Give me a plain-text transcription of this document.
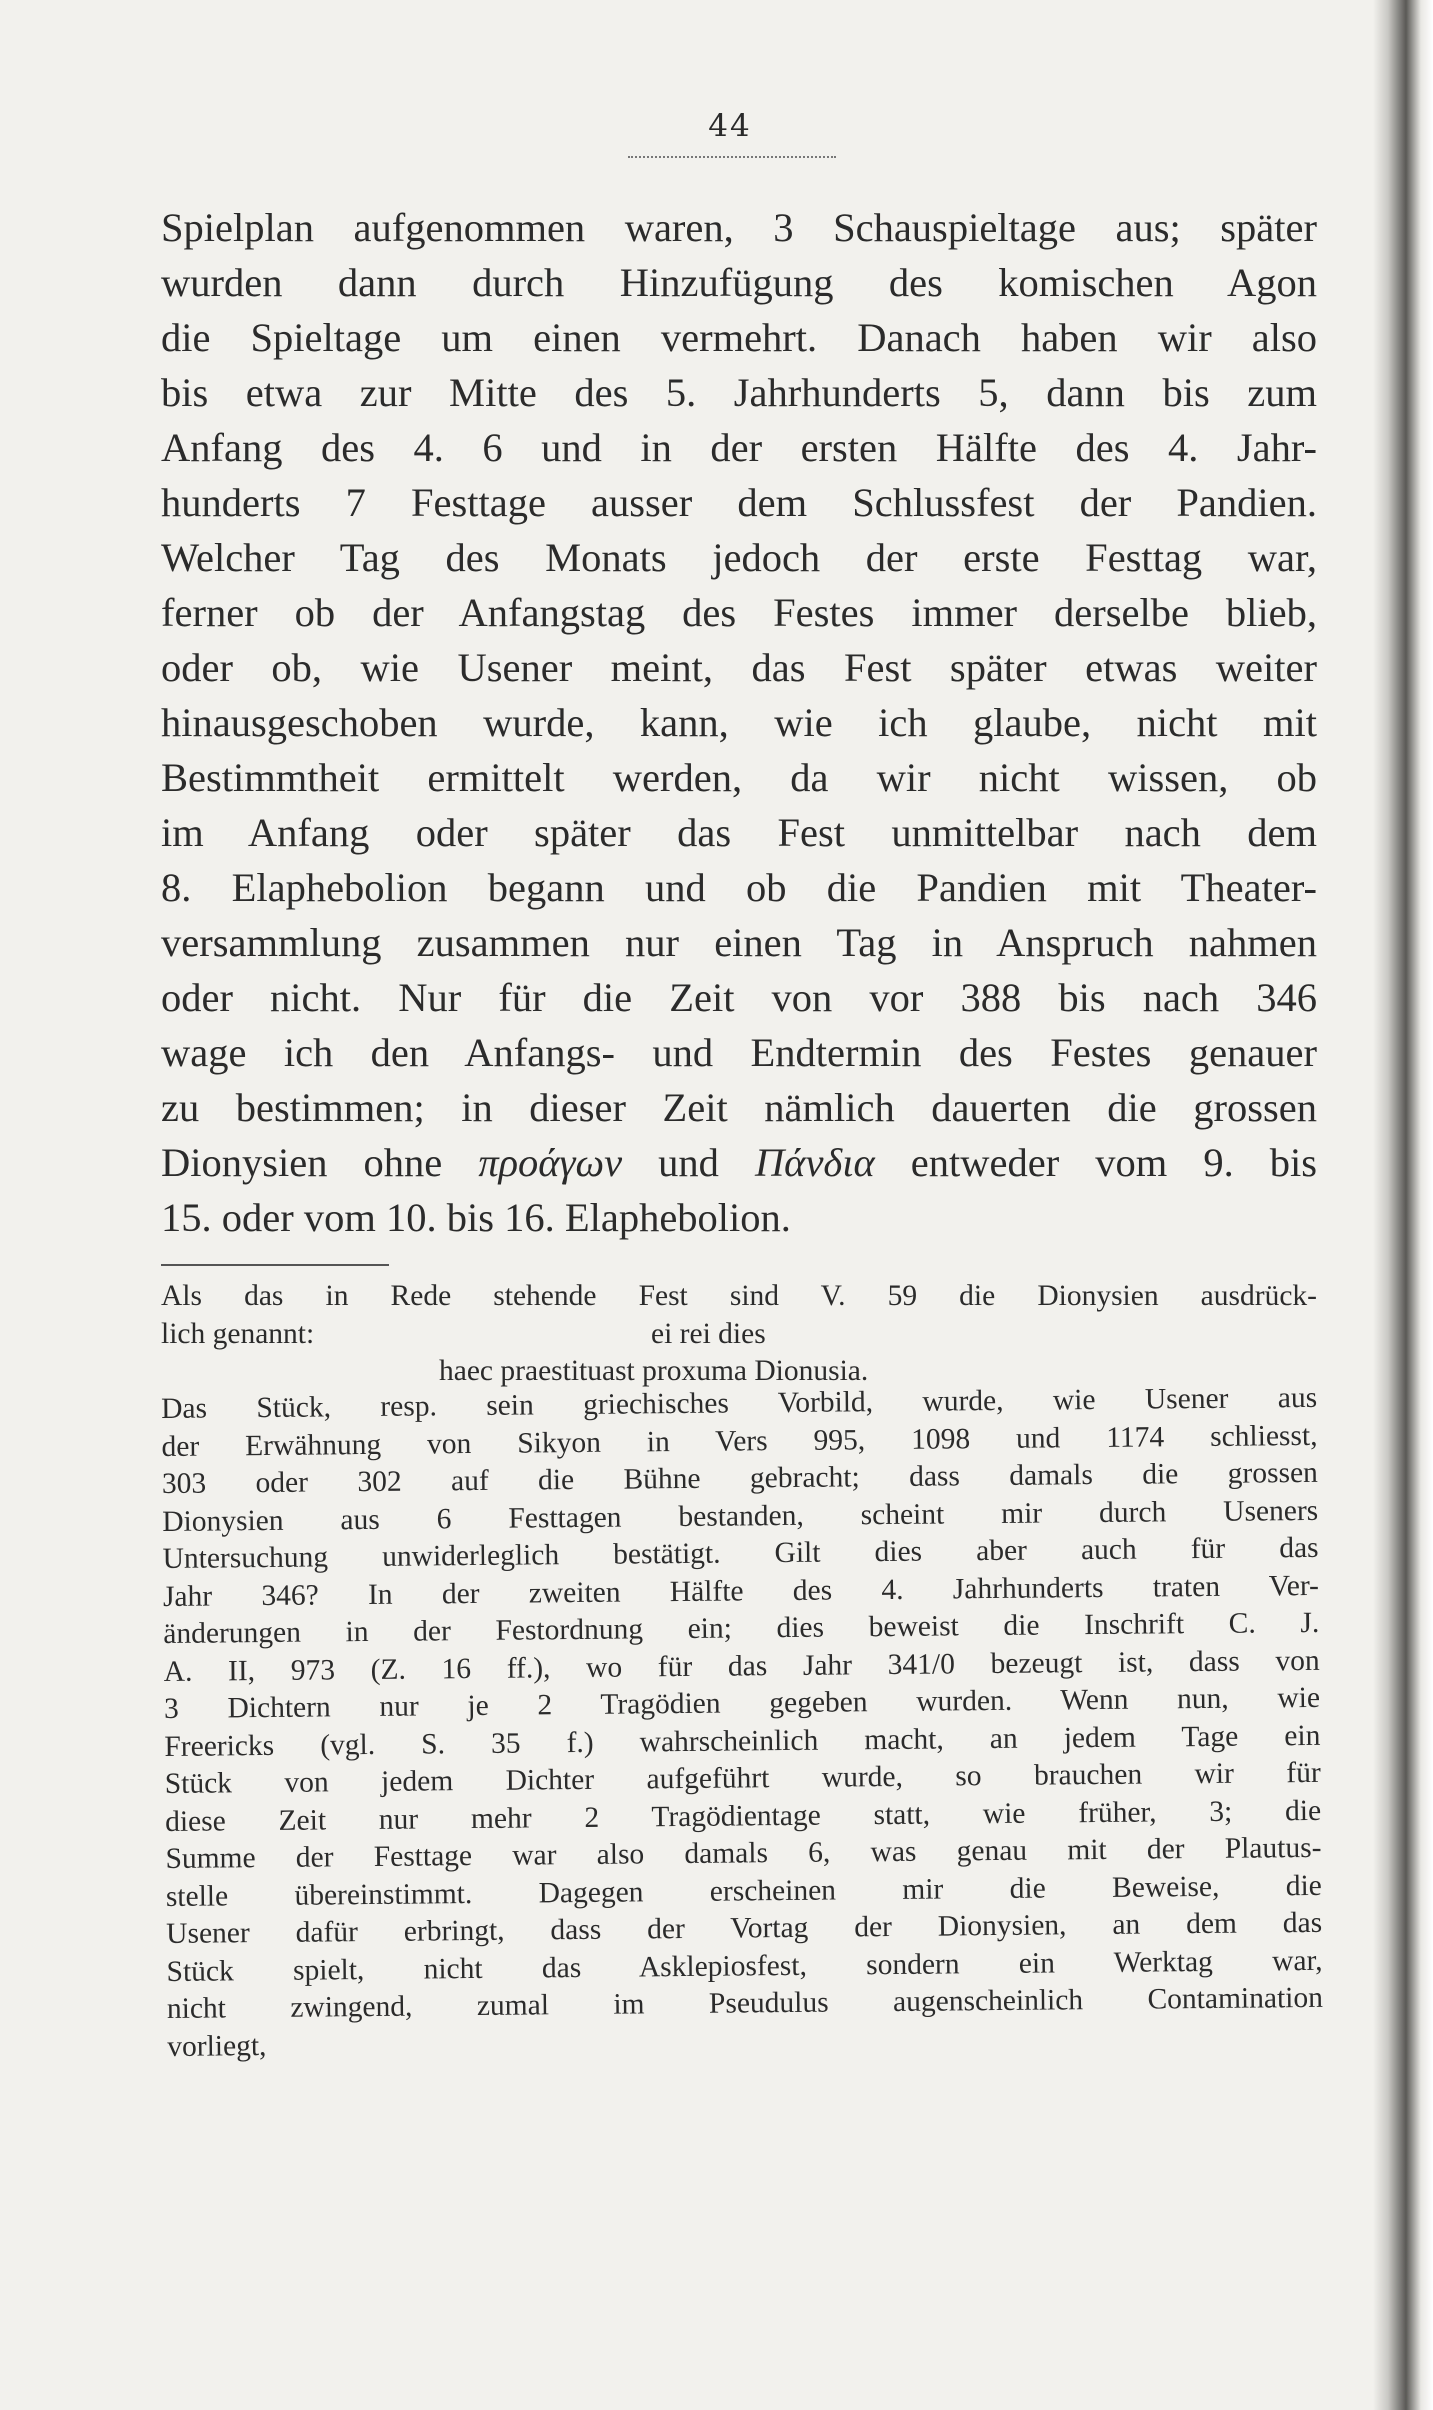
44
Spielplan aufgenommen waren, 3 Schauspieltage aus; später
wurden dann durch Hinzufügung des komischen Agon
die Spieltage um einen vermehrt. Danach haben wir also
bis etwa zur Mitte des 5. Jahrhunderts 5, dann bis zum
Anfang des 4. 6 und in der ersten Hälfte des 4. Jahr-
hunderts 7 Festtage ausser dem Schlussfest der Pandien.
Welcher Tag des Monats jedoch der erste Festtag war,
ferner ob der Anfangstag des Festes immer derselbe blieb,
oder ob, wie Usener meint, das Fest später etwas weiter
hinausgeschoben wurde, kann, wie ich glaube, nicht mit
Bestimmtheit ermittelt werden, da wir nicht wissen, ob
im Anfang oder später das Fest unmittelbar nach dem
8. Elaphebolion begann und ob die Pandien mit Theater-
versammlung zusammen nur einen Tag in Anspruch nahmen
oder nicht. Nur für die Zeit von vor 388 bis nach 346
wage ich den Anfangs- und Endtermin des Festes genauer
zu bestimmen; in dieser Zeit nämlich dauerten die grossen
Dionysien ohne προάγων und Πάνδια entweder vom 9. bis
15. oder vom 10. bis 16. Elaphebolion.
Als das in Rede stehende Fest sind V. 59 die Dionysien ausdrück-
lich genannt:	ei rei dies
haec praestituast proxuma Dionusia.
Das Stück, resp. sein griechisches Vorbild, wurde, wie Usener aus
der Erwähnung von Sikyon in Vers 995, 1098 und 1174 schliesst,
303 oder 302 auf die Bühne gebracht; dass damals die grossen
Dionysien aus 6 Festtagen bestanden, scheint mir durch Useners
Untersuchung unwiderleglich bestätigt. Gilt dies aber auch für das
Jahr 346? In der zweiten Hälfte des 4. Jahrhunderts traten Ver-
änderungen in der Festordnung ein; dies beweist die Inschrift C. J.
A. II, 973 (Z. 16 ff.), wo für das Jahr 341/0 bezeugt ist, dass von
3 Dichtern nur je 2 Tragödien gegeben wurden. Wenn nun, wie
Freericks (vgl. S. 35 f.) wahrscheinlich macht, an jedem Tage ein
Stück von jedem Dichter aufgeführt wurde, so brauchen wir für
diese Zeit nur mehr 2 Tragödientage statt, wie früher, 3; die
Summe der Festtage war also damals 6, was genau mit der Plautus-
stelle übereinstimmt. Dagegen erscheinen mir die Beweise, die
Usener dafür erbringt, dass der Vortag der Dionysien, an dem das
Stück spielt, nicht das Asklepiosfest, sondern ein Werktag war,
nicht zwingend, zumal im Pseudulus augenscheinlich Contamination
vorliegt,
